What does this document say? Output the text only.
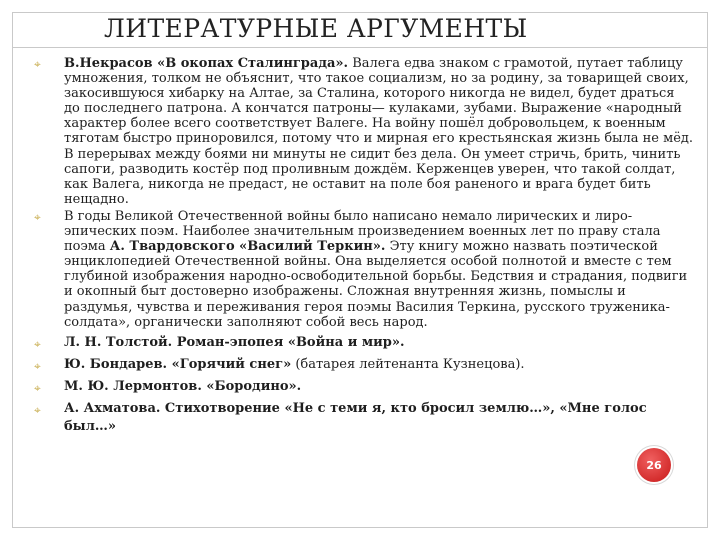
ЛИТЕРАТУРНЫЕ АРГУМЕНТЫ

⌖ В.Некрасов «В окопах Сталинграда». Валега едва знаком с грамотой, путает таблицу умножения, толком не объяснит, что такое социализм, но за родину, за товарищей своих, закосившуюся хибарку на Алтае, за Сталина, которого никогда не видел, будет драться до последнего патрона. А кончатся патроны— кулаками, зубами. Выражение «народный характер более всего соответствует Валеге. На войну пошёл добровольцем, к военным тяготам быстро приноровился, потому что и мирная его крестьянская жизнь была не мёд. В перерывах между боями ни минуты не сидит без дела. Он умеет стричь, брить, чинить сапоги, разводить костёр под проливным дождём. Керженцев уверен, что такой солдат, как Валега, никогда не предаст, не оставит на поле боя раненого и врага будет бить нещадно.

⌖ В годы Великой Отечественной войны было написано немало лирических и лиро-эпических поэм. Наиболее значительным произведением военных лет по праву стала поэма А. Твардовского «Василий Теркин». Эту книгу можно назвать поэтической энциклопедией Отечественной войны. Она выделяется особой полнотой и вместе с тем глубиной изображения народно-освободительной борьбы. Бедствия и страдания, подвиги и окопный быт достоверно изображены. Сложная внутренняя жизнь, помыслы и раздумья, чувства и переживания героя поэмы Василия Теркина, русского труженика-солдата», органически заполняют собой весь народ.

⌖ Л. Н. Толстой. Роман-эпопея «Война и мир».

⌖ Ю. Бондарев. «Горячий снег» (батарея лейтенанта Кузнецова).

⌖ М. Ю. Лермонтов. «Бородино».

⌖ А. Ахматова. Стихотворение «Не с теми я, кто бросил землю…», «Мне голос был…»

26
